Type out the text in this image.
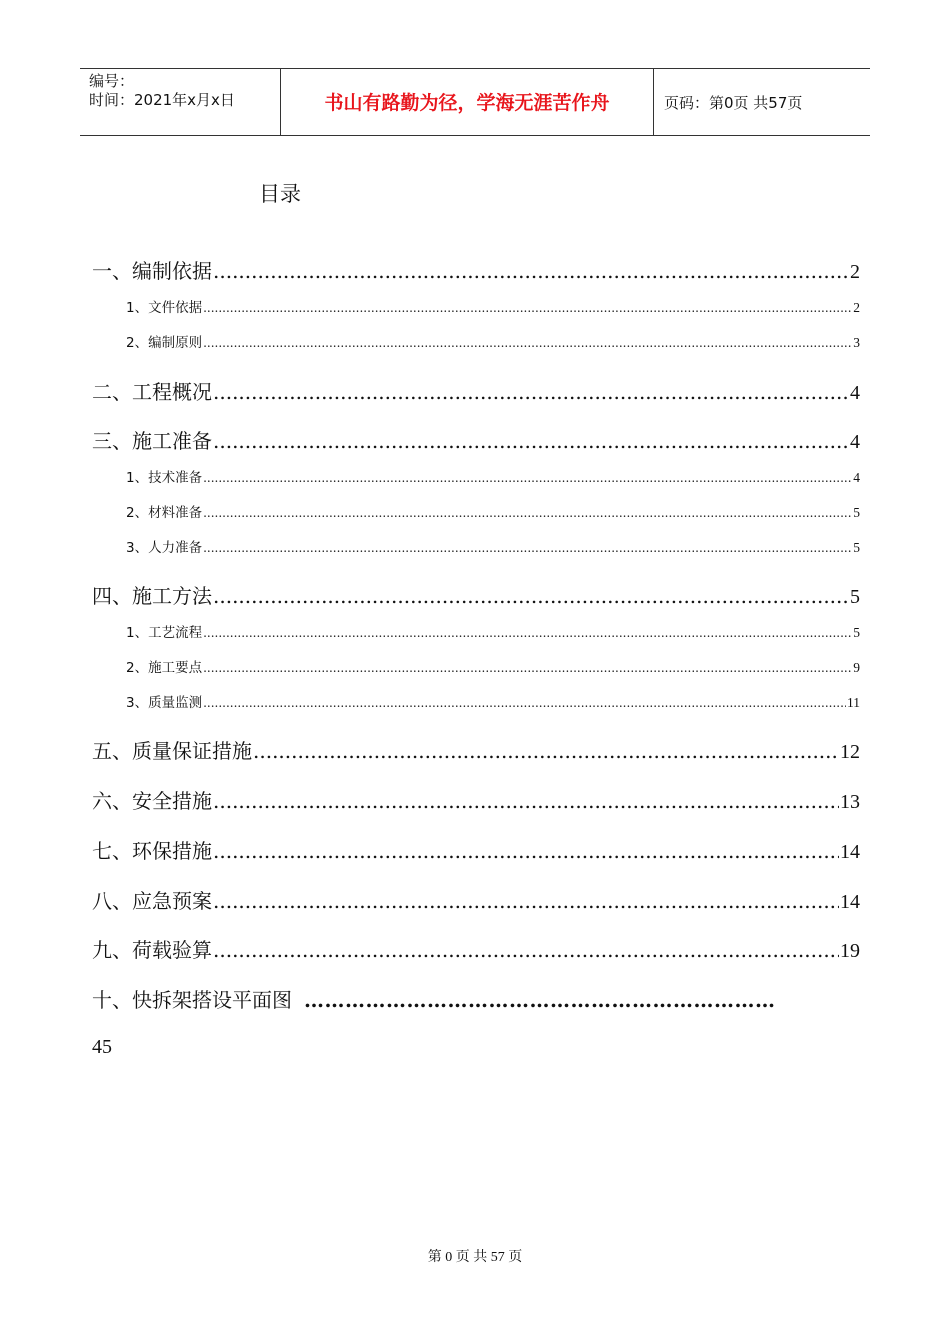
编号：
时间：2021年x月x日	书山有路勤为径，学海无涯苦作舟	页码：第0页 共57页
目录
一、编制依据 .....	2
1、文件依据 .....	2
2、编制原则 .....	3
二、工程概况 .....	4
三、施工准备 .....	4
1、技术准备 .....	4
2、材料准备 .....	5
3、人力准备 .....	5
四、施工方法 .....	5
1、工艺流程 .....	5
2、施工要点 .....	9
3、质量监测 .....	11
五、质量保证措施 .....	12
六、安全措施 .....	13
七、环保措施 .....	14
八、应急预案 .....	14
九、荷载验算 .....	19
十、快拆架搭设平面图 ……………………………………………………………
45
第 0 页 共 57 页
